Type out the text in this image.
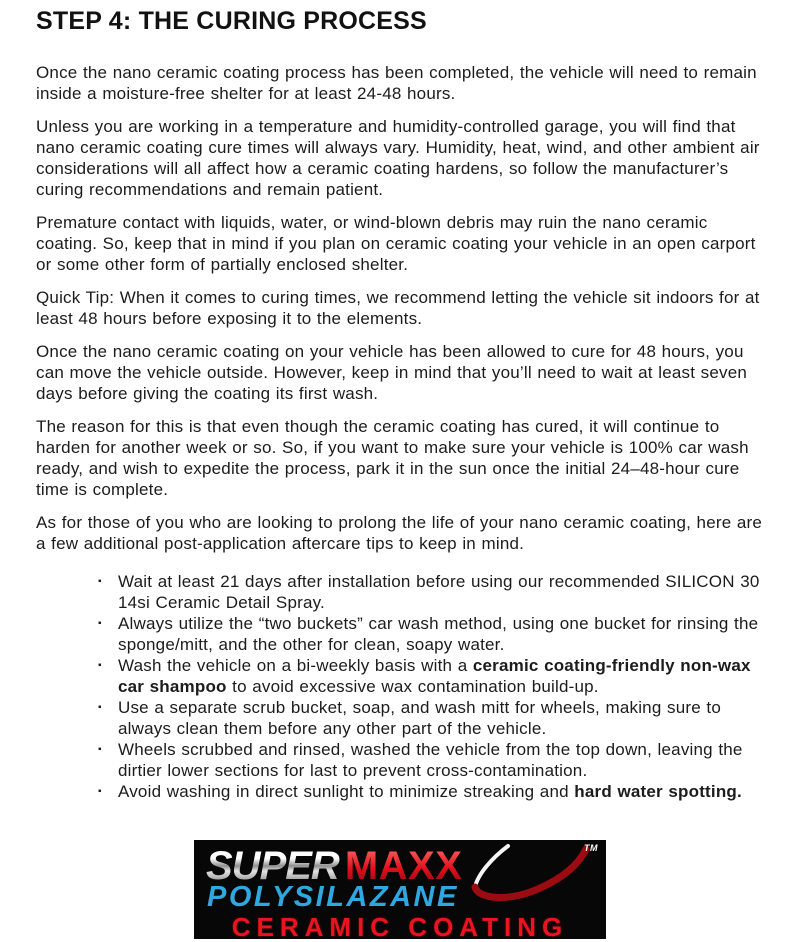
STEP 4: THE CURING PROCESS

Once the nano ceramic coating process has been completed, the vehicle will need to remain inside a moisture-free shelter for at least 24-48 hours.

Unless you are working in a temperature and humidity-controlled garage, you will find that nano ceramic coating cure times will always vary. Humidity, heat, wind, and other ambient air considerations will all affect how a ceramic coating hardens, so follow the manufacturer’s curing recommendations and remain patient.

Premature contact with liquids, water, or wind-blown debris may ruin the nano ceramic coating. So, keep that in mind if you plan on ceramic coating your vehicle in an open carport or some other form of partially enclosed shelter.

Quick Tip: When it comes to curing times, we recommend letting the vehicle sit indoors for at least 48 hours before exposing it to the elements.

Once the nano ceramic coating on your vehicle has been allowed to cure for 48 hours, you can move the vehicle outside. However, keep in mind that you’ll need to wait at least seven days before giving the coating its first wash.

The reason for this is that even though the ceramic coating has cured, it will continue to harden for another week or so. So, if you want to make sure your vehicle is 100% car wash ready, and wish to expedite the process, park it in the sun once the initial 24–48-hour cure time is complete.

As for those of you who are looking to prolong the life of your nano ceramic coating, here are a few additional post-application aftercare tips to keep in mind.

▪ Wait at least 21 days after installation before using our recommended SILICON 30 14si Ceramic Detail Spray.
▪ Always utilize the “two buckets” car wash method, using one bucket for rinsing the sponge/mitt, and the other for clean, soapy water.
▪ Wash the vehicle on a bi-weekly basis with a ceramic coating-friendly non-wax car shampoo to avoid excessive wax contamination build-up.
▪ Use a separate scrub bucket, soap, and wash mitt for wheels, making sure to always clean them before any other part of the vehicle.
▪ Wheels scrubbed and rinsed, washed the vehicle from the top down, leaving the dirtier lower sections for last to prevent cross-contamination.
▪ Avoid washing in direct sunlight to minimize streaking and hard water spotting.
SUPER MAXX	TM
POLYSILAZANE
CERAMIC COATING
